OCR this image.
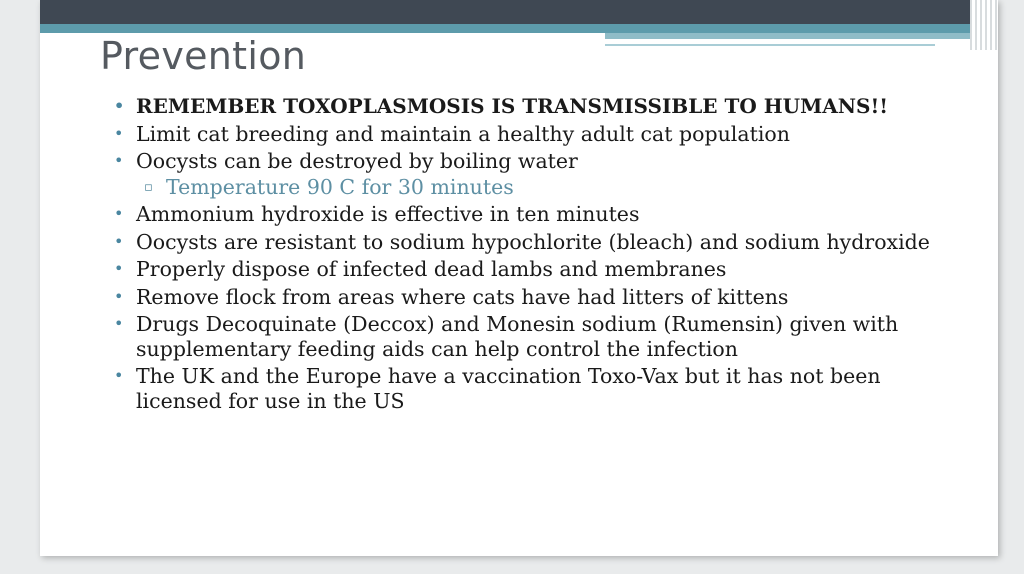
Prevention
• REMEMBER TOXOPLASMOSIS IS TRANSMISSIBLE TO HUMANS!!
• Limit cat breeding and maintain a healthy adult cat population
• Oocysts can be destroyed by boiling water
▫ Temperature 90 C for 30 minutes
• Ammonium hydroxide is effective in ten minutes
• Oocysts are resistant to sodium hypochlorite (bleach) and sodium hydroxide
• Properly dispose of infected dead lambs and membranes
• Remove flock from areas where cats have had litters of kittens
• Drugs Decoquinate (Deccox) and Monesin sodium (Rumensin) given with supplementary feeding aids can help control the infection
• The UK and the Europe have a vaccination Toxo-Vax but it has not been licensed for use in the US
